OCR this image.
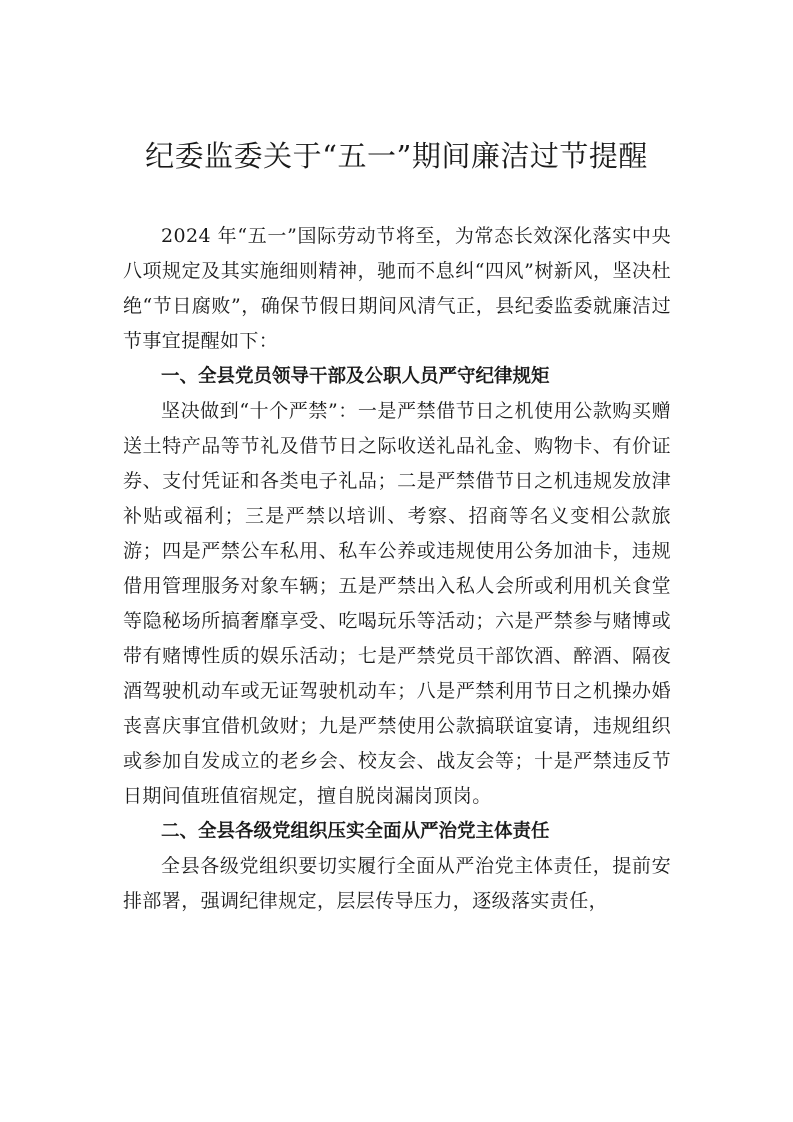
纪委监委关于“五一”期间廉洁过节提醒

2024 年“五一”国际劳动节将至，为常态长效深化落实中央八项规定及其实施细则精神，驰而不息纠“四风”树新风，坚决杜绝“节日腐败”，确保节假日期间风清气正，县纪委监委就廉洁过节事宜提醒如下：

一、全县党员领导干部及公职人员严守纪律规矩

坚决做到“十个严禁”：一是严禁借节日之机使用公款购买赠送土特产品等节礼及借节日之际收送礼品礼金、购物卡、有价证券、支付凭证和各类电子礼品；二是严禁借节日之机违规发放津补贴或福利；三是严禁以培训、考察、招商等名义变相公款旅游；四是严禁公车私用、私车公养或违规使用公务加油卡，违规借用管理服务对象车辆；五是严禁出入私人会所或利用机关食堂等隐秘场所搞奢靡享受、吃喝玩乐等活动；六是严禁参与赌博或带有赌博性质的娱乐活动；七是严禁党员干部饮酒、醉酒、隔夜酒驾驶机动车或无证驾驶机动车；八是严禁利用节日之机操办婚丧喜庆事宜借机敛财；九是严禁使用公款搞联谊宴请，违规组织或参加自发成立的老乡会、校友会、战友会等；十是严禁违反节日期间值班值宿规定，擅自脱岗漏岗顶岗。

二、全县各级党组织压实全面从严治党主体责任

全县各级党组织要切实履行全面从严治党主体责任，提前安排部署，强调纪律规定，层层传导压力，逐级落实责任，
